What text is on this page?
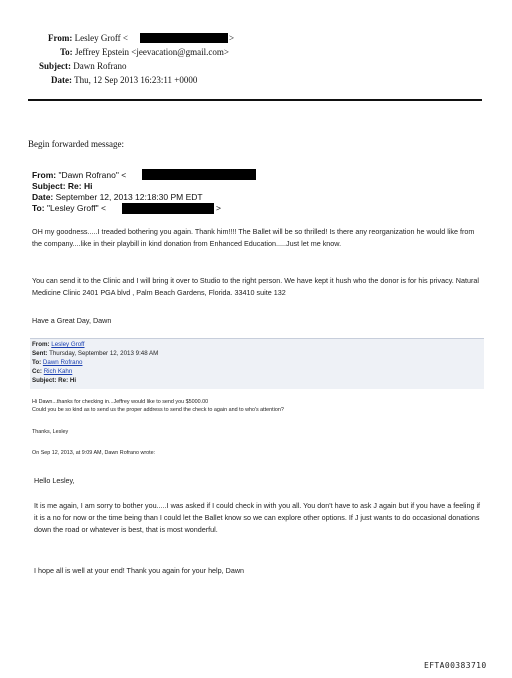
From: Lesley Groff <	>
To: Jeffrey Epstein <jeevacation@gmail.com>
Subject: Dawn Rofrano
Date: Thu, 12 Sep 2013 16:23:11 +0000
Begin forwarded message:
From: "Dawn Rofrano" <
Subject: Re: Hi
Date: September 12, 2013 12:18:30 PM EDT
To: "Lesley Groff" <	>
OH my goodness.....I treaded bothering you again. Thank him!!!! The Ballet will be so thrilled! Is there any reorganization he would like from the company....like in their playbill in kind donation from Enhanced Education.....Just let me know.
You can send it to the Clinic and I will bring it over to Studio to the right person. We have kept it hush who the donor is for his privacy. Natural Medicine Clinic 2401 PGA blvd , Palm Beach Gardens, Florida. 33410 suite 132
Have a Great Day, Dawn
From: Lesley Groff
Sent: Thursday, September 12, 2013 9:48 AM
To: Dawn Rofrano
Cc: Rich Kahn
Subject: Re: Hi
Hi Dawn...thanks for checking in...Jeffrey would like to send you $5000.00
Could you be so kind as to send us the proper address to send the check to again and to who's attention?
Thanks, Lesley
On Sep 12, 2013, at 9:09 AM, Dawn Rofrano wrote:
Hello Lesley,
It is me again, I am sorry to bother you.....I was asked if I could check in with you all. You don't have to ask J again but if you have a feeling if it is a no for now or the time being than I could let the Ballet know so we can explore other options. If J just wants to do occasional donations down the road or whatever is best, that is most wonderful.
I hope all is well at your end! Thank you again for your help, Dawn
EFTA00383710
